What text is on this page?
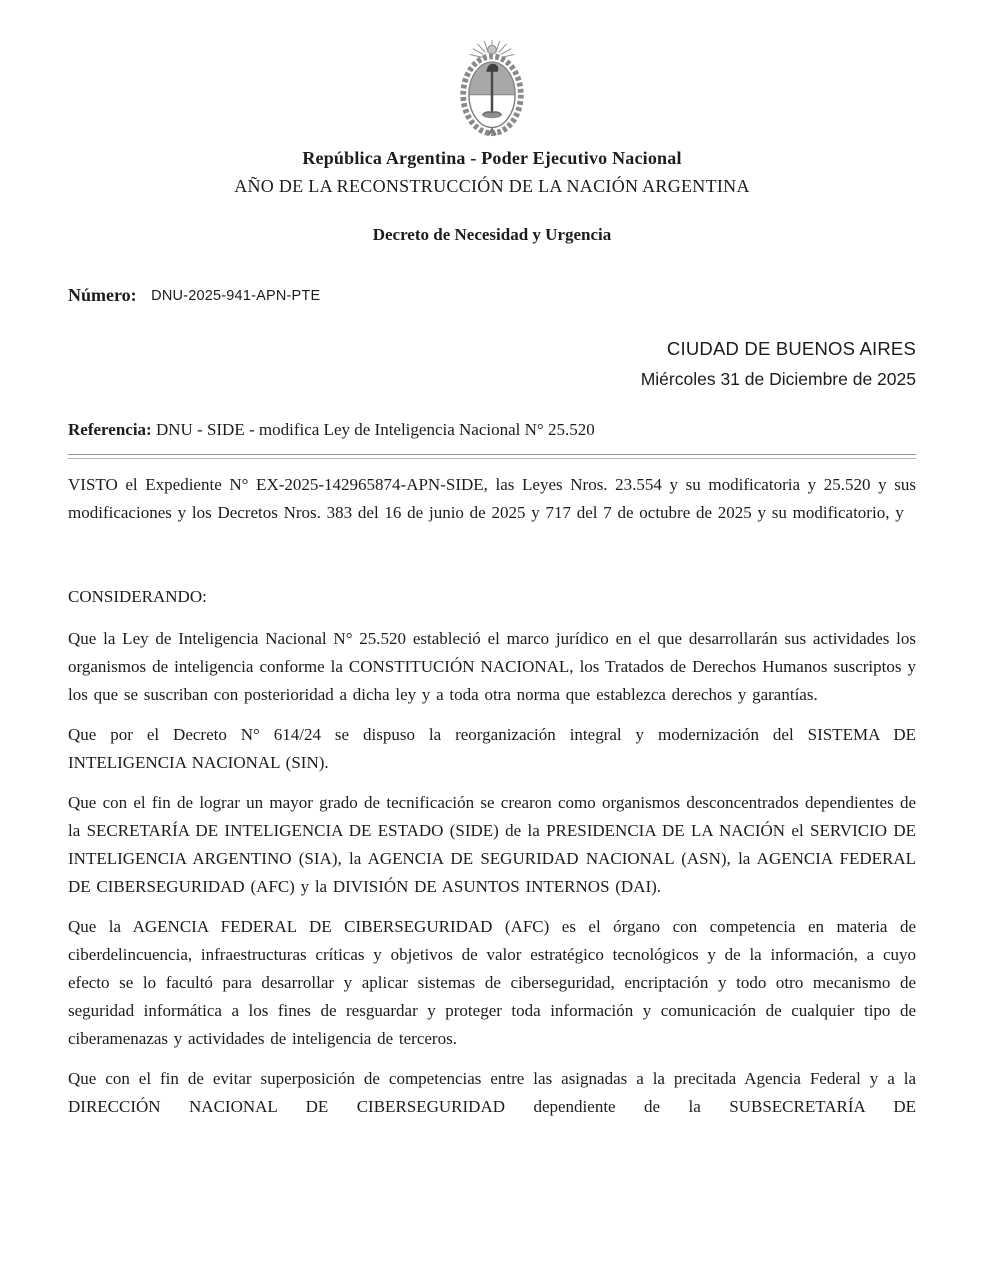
República Argentina - Poder Ejecutivo Nacional
AÑO DE LA RECONSTRUCCIÓN DE LA NACIÓN ARGENTINA
Decreto de Necesidad y Urgencia
Número: DNU-2025-941-APN-PTE
CIUDAD DE BUENOS AIRES
Miércoles 31 de Diciembre de 2025
Referencia: DNU - SIDE - modifica Ley de Inteligencia Nacional N° 25.520
VISTO el Expediente N° EX-2025-142965874-APN-SIDE, las Leyes Nros. 23.554 y su modificatoria y 25.520 y sus modificaciones y los Decretos Nros. 383 del 16 de junio de 2025 y 717 del 7 de octubre de 2025 y su modificatorio, y
CONSIDERANDO:
Que la Ley de Inteligencia Nacional N° 25.520 estableció el marco jurídico en el que desarrollarán sus actividades los organismos de inteligencia conforme la CONSTITUCIÓN NACIONAL, los Tratados de Derechos Humanos suscriptos y los que se suscriban con posterioridad a dicha ley y a toda otra norma que establezca derechos y garantías.
Que por el Decreto N° 614/24 se dispuso la reorganización integral y modernización del SISTEMA DE INTELIGENCIA NACIONAL (SIN).
Que con el fin de lograr un mayor grado de tecnificación se crearon como organismos desconcentrados dependientes de la SECRETARÍA DE INTELIGENCIA DE ESTADO (SIDE) de la PRESIDENCIA DE LA NACIÓN el SERVICIO DE INTELIGENCIA ARGENTINO (SIA), la AGENCIA DE SEGURIDAD NACIONAL (ASN), la AGENCIA FEDERAL DE CIBERSEGURIDAD (AFC) y la DIVISIÓN DE ASUNTOS INTERNOS (DAI).
Que la AGENCIA FEDERAL DE CIBERSEGURIDAD (AFC) es el órgano con competencia en materia de ciberdelincuencia, infraestructuras críticas y objetivos de valor estratégico tecnológicos y de la información, a cuyo efecto se lo facultó para desarrollar y aplicar sistemas de ciberseguridad, encriptación y todo otro mecanismo de seguridad informática a los fines de resguardar y proteger toda información y comunicación de cualquier tipo de ciberamenazas y actividades de inteligencia de terceros.
Que con el fin de evitar superposición de competencias entre las asignadas a la precitada Agencia Federal y a la DIRECCIÓN NACIONAL DE CIBERSEGURIDAD dependiente de la SUBSECRETARÍA DE
